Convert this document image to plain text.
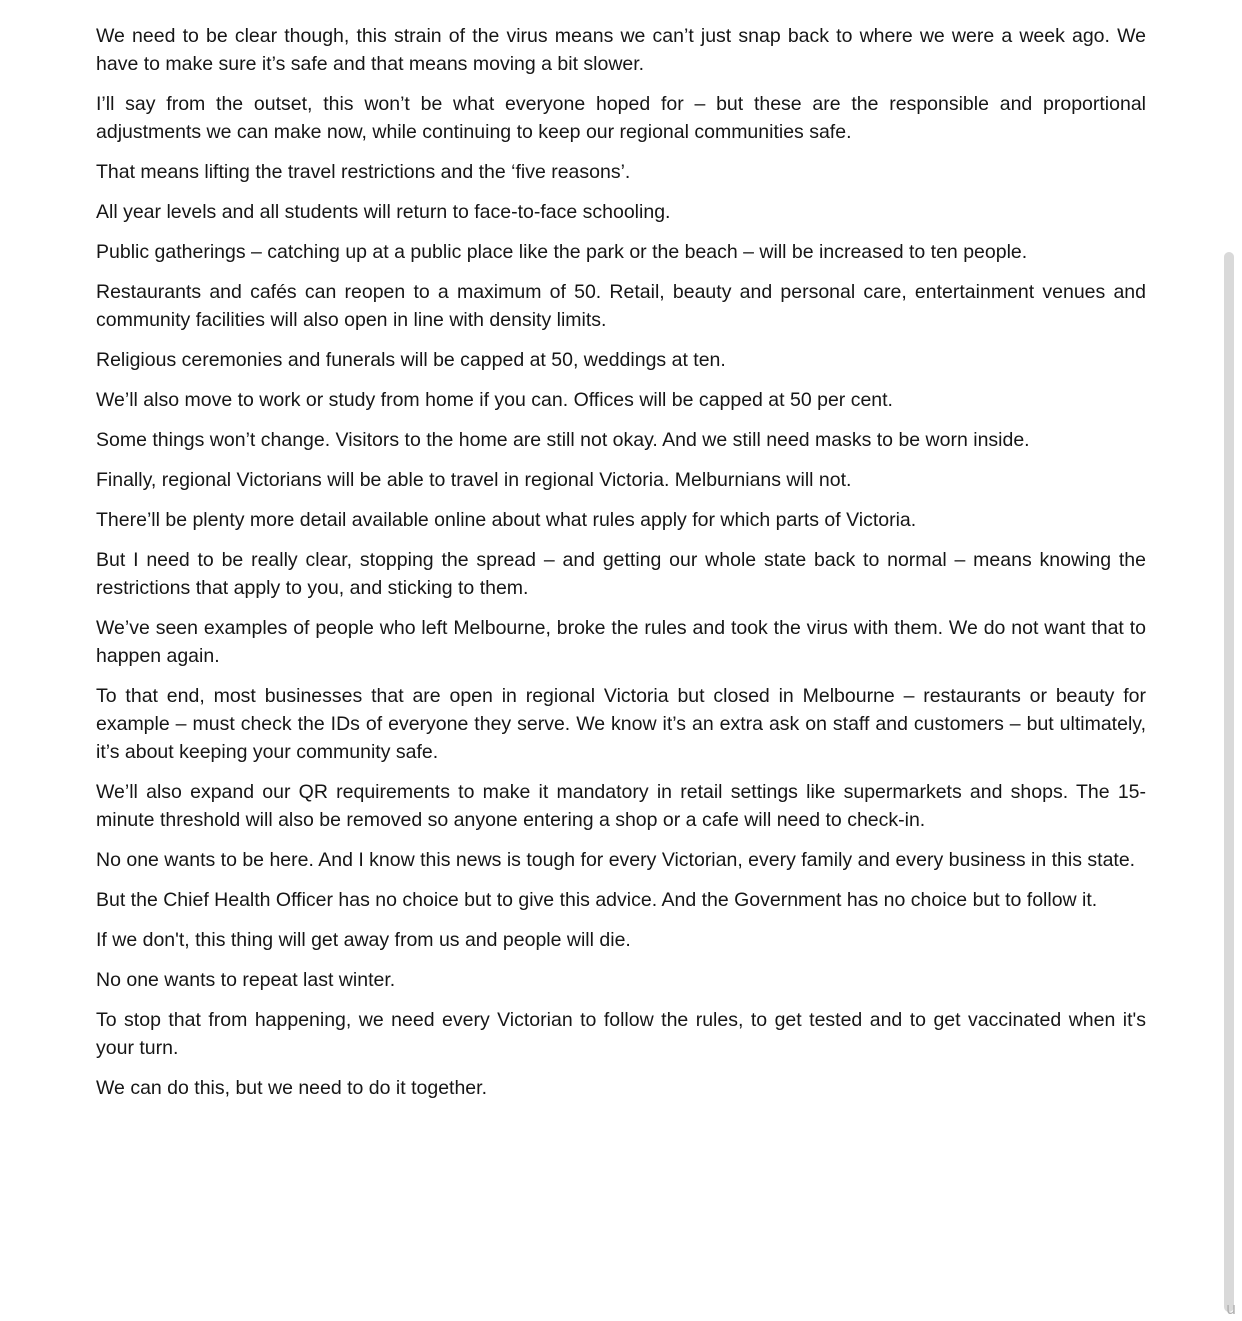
We need to be clear though, this strain of the virus means we can’t just snap back to where we were a week ago. We have to make sure it’s safe and that means moving a bit slower.

I’ll say from the outset, this won’t be what everyone hoped for – but these are the responsible and proportional adjustments we can make now, while continuing to keep our regional communities safe.

That means lifting the travel restrictions and the ‘five reasons’.

All year levels and all students will return to face-to-face schooling.

Public gatherings – catching up at a public place like the park or the beach – will be increased to ten people.

Restaurants and cafés can reopen to a maximum of 50. Retail, beauty and personal care, entertainment venues and community facilities will also open in line with density limits.

Religious ceremonies and funerals will be capped at 50, weddings at ten.

We’ll also move to work or study from home if you can. Offices will be capped at 50 per cent.

Some things won’t change. Visitors to the home are still not okay. And we still need masks to be worn inside.

Finally, regional Victorians will be able to travel in regional Victoria. Melburnians will not.

There’ll be plenty more detail available online about what rules apply for which parts of Victoria.

But I need to be really clear, stopping the spread – and getting our whole state back to normal – means knowing the restrictions that apply to you, and sticking to them.

We’ve seen examples of people who left Melbourne, broke the rules and took the virus with them. We do not want that to happen again.

To that end, most businesses that are open in regional Victoria but closed in Melbourne – restaurants or beauty for example – must check the IDs of everyone they serve. We know it’s an extra ask on staff and customers – but ultimately, it’s about keeping your community safe.

We’ll also expand our QR requirements to make it mandatory in retail settings like supermarkets and shops. The 15-minute threshold will also be removed so anyone entering a shop or a cafe will need to check-in.

No one wants to be here. And I know this news is tough for every Victorian, every family and every business in this state.

But the Chief Health Officer has no choice but to give this advice. And the Government has no choice but to follow it.

If we don't, this thing will get away from us and people will die.

No one wants to repeat last winter.

To stop that from happening, we need every Victorian to follow the rules, to get tested and to get vaccinated when it's your turn.

We can do this, but we need to do it together.

u
